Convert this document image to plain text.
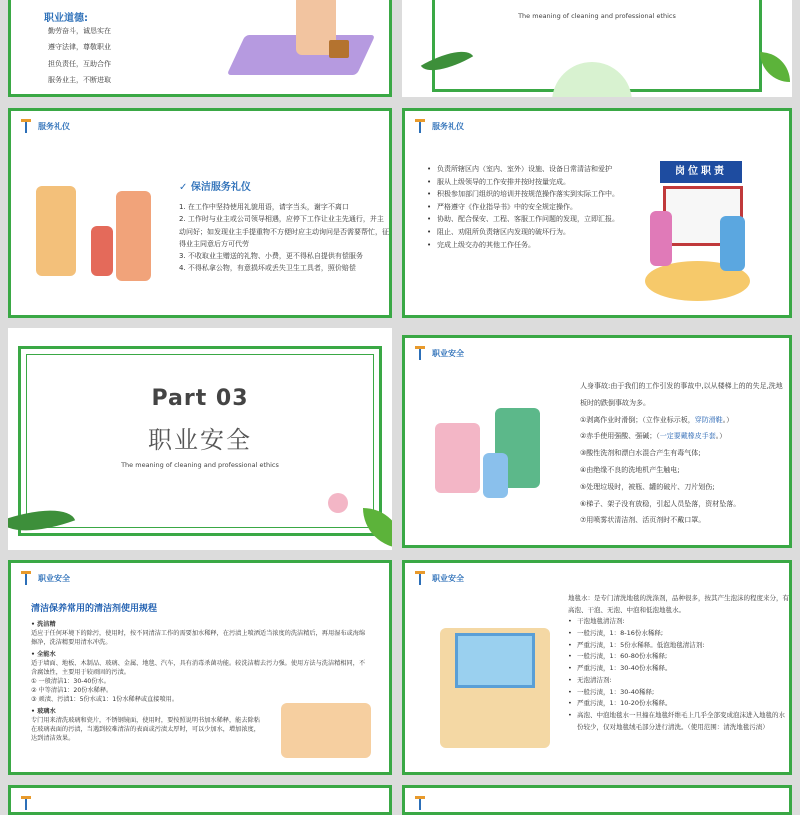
职业道德:
勤劳奋斗，诚恳实在
遵守法律，尊敬职业
担负责任，互助合作
服务业主，不断进取
The meaning of cleaning and professional ethics
服务礼仪
✓ 保洁服务礼仪
1. 在工作中坚持使用礼貌用语，请字当头，谢字不离口
2. 工作时与业主或公司领导相遇，应停下工作让业主先通行，并主动问好；如发现业主手提重物不方便时应主动询问是否需要帮忙，征得业主同意后方可代劳
3. 不收取业主赠送的礼物、小费，更不得私自提供有偿服务
4. 不得私拿公物，有意损坏或丢失卫生工具者，照价赔偿
服务礼仪
• 负责所辖区内（室内、室外）设施、设备日常清洁和爱护
• 服从上级领导的工作安排并按时按量完成。
• 积极参加部门组织的培训并按规范操作落实到实际工作中。
• 严格遵守《作业指导书》中的安全规定操作。
• 协助、配合保安、工程、客服工作问题的发现，立即汇报。
• 阻止、劝阻所负责辖区内发现的破坏行为。
• 完成上级交办的其他工作任务。
岗位职责
Part 03
职业安全
The meaning of cleaning and professional ethics
职业安全
人身事故:由于我们的工作引发的事故中,以从楼梯上的的失足,洗地板时的跌倒事故为多。
①剥离作业时滑倒；（立作业标示板，穿防滑鞋。）
②赤手使用强酸、强碱；（一定要戴橡皮手套。）
③酸性洗剂和漂白水混合产生有毒气体;
④由绝缘不良的洗地机产生触电;
⑤处理垃圾时，被瓶、罐的破片、刀片划伤;
⑥梯子、架子没有放稳，引起人员坠落，资材坠落。
⑦用喷雾状清洁剂、活页剂时不戴口罩。
职业安全
清洁保养常用的清洁剂使用规程
• 洗洁精
适应于任何环境下的除污，使用时，按不同清洁工作的需要加水稀释，在污渍上喷洒适当浓度的洗洁精后，再用湿布或海绵擦净，洗洁精要用清水冲洗。
• 全能水
适于墙面、地板、木制品、玻璃、金属、地毯、汽车，具有消毒杀菌功能。较洗洁精去污力强。使用方法与洗洁精相同，不含腐蚀性，主要用于较顽固的污渍。
① 一般清洁1：30-40份水。
② 中等清洁1：20份水稀释。
③ 顽渍、污渍1：5份水或1：1份水稀释或直接喷用。
• 玻璃水
专门用来清洗玻璃和瓷片，不锈钢镜面，使用时，要按照说明书加水稀释，能去除粘在玻璃表面的污渍，当遇到较难清洁的表面或污渍太厚时，可以少加水，增加浓度，达到清洁效果。
职业安全
地毯水：是专门清洗地毯的洗涤剂，品种很多，按其产生泡沫的程度来分，有高泡、干泡、无泡、中泡和低泡地毯水。
• 干泡地毯清洁剂:
• 一般污渍，1：8-16份水稀释;
• 严重污渍，1：5份水稀释。低泡地毯清洁剂:
• 一般污渍，1：60-80份水稀释;
• 严重污渍，1：30-40份水稀释。
• 无泡清洁剂:
• 一般污渍，1：30-40稀释;
• 严重污渍，1：10-20份水稀释。
• 高泡、中泡地毯水一旦撞在地毯纤维毛上几乎全部变成泡沫进入地毯的水份较少，仅对地毯绒毛部分进行清洗。（使用范围：清洗地毯污渍）
